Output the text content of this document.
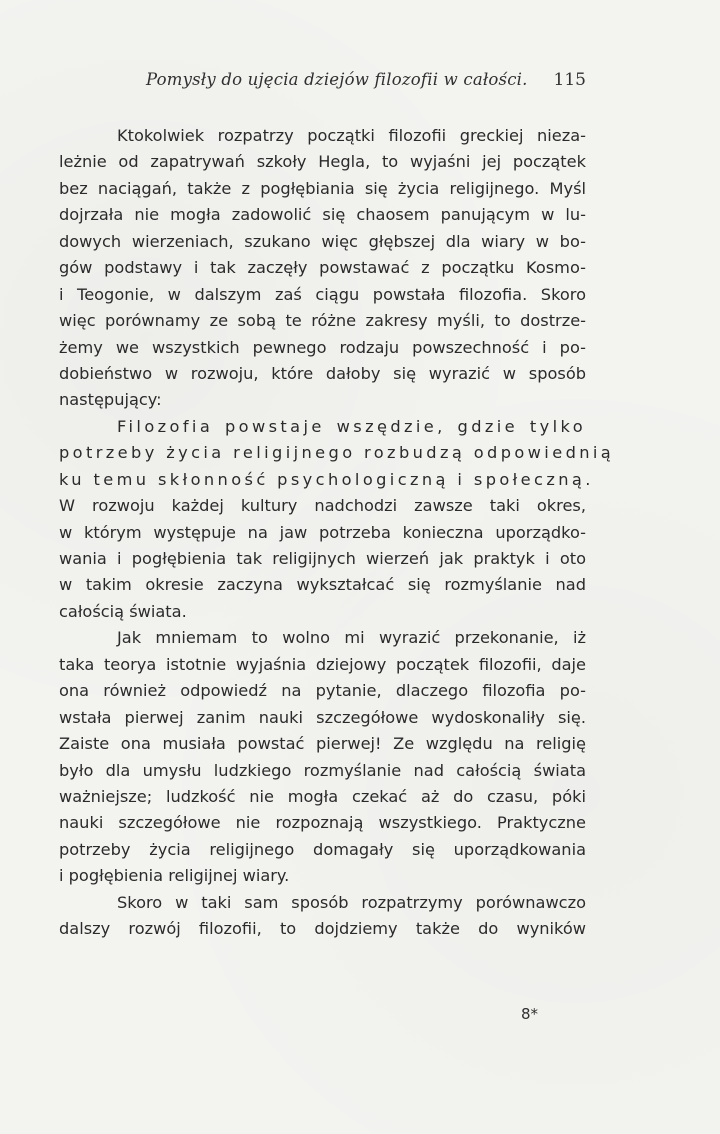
Pomysły do ujęcia dziejów filozofii w całości. 115
Ktokolwiek rozpatrzy początki filozofii greckiej nieza-
leżnie od zapatrywań szkoły Hegla, to wyjaśni jej początek
bez naciągań, także z pogłębiania się życia religijnego. Myśl
dojrzała nie mogła zadowolić się chaosem panującym w lu-
dowych wierzeniach, szukano więc głębszej dla wiary w bo-
gów podstawy i tak zaczęły powstawać z początku Kosmo-
i Teogonie, w dalszym zaś ciągu powstała filozofia. Skoro
więc porównamy ze sobą te różne zakresy myśli, to dostrze-
żemy we wszystkich pewnego rodzaju powszechność i po-
dobieństwo w rozwoju, które dałoby się wyrazić w sposób
następujący:
Filozofia powstaje wszędzie, gdzie tylko
potrzeby życia religijnego rozbudzą odpowiednią
ku temu skłonność psychologiczną i społeczną.
W rozwoju każdej kultury nadchodzi zawsze taki okres,
w którym występuje na jaw potrzeba konieczna uporządko-
wania i pogłębienia tak religijnych wierzeń jak praktyk i oto
w takim okresie zaczyna wykształcać się rozmyślanie nad
całością świata.
Jak mniemam to wolno mi wyrazić przekonanie, iż
taka teorya istotnie wyjaśnia dziejowy początek filozofii, daje
ona również odpowiedź na pytanie, dlaczego filozofia po-
wstała pierwej zanim nauki szczegółowe wydoskonaliły się.
Zaiste ona musiała powstać pierwej! Ze względu na religię
było dla umysłu ludzkiego rozmyślanie nad całością świata
ważniejsze; ludzkość nie mogła czekać aż do czasu, póki
nauki szczegółowe nie rozpoznają wszystkiego. Praktyczne
potrzeby życia religijnego domagały się uporządkowania
i pogłębienia religijnej wiary.
Skoro w taki sam sposób rozpatrzymy porównawczo
dalszy rozwój filozofii, to dojdziemy także do wyników
8*
